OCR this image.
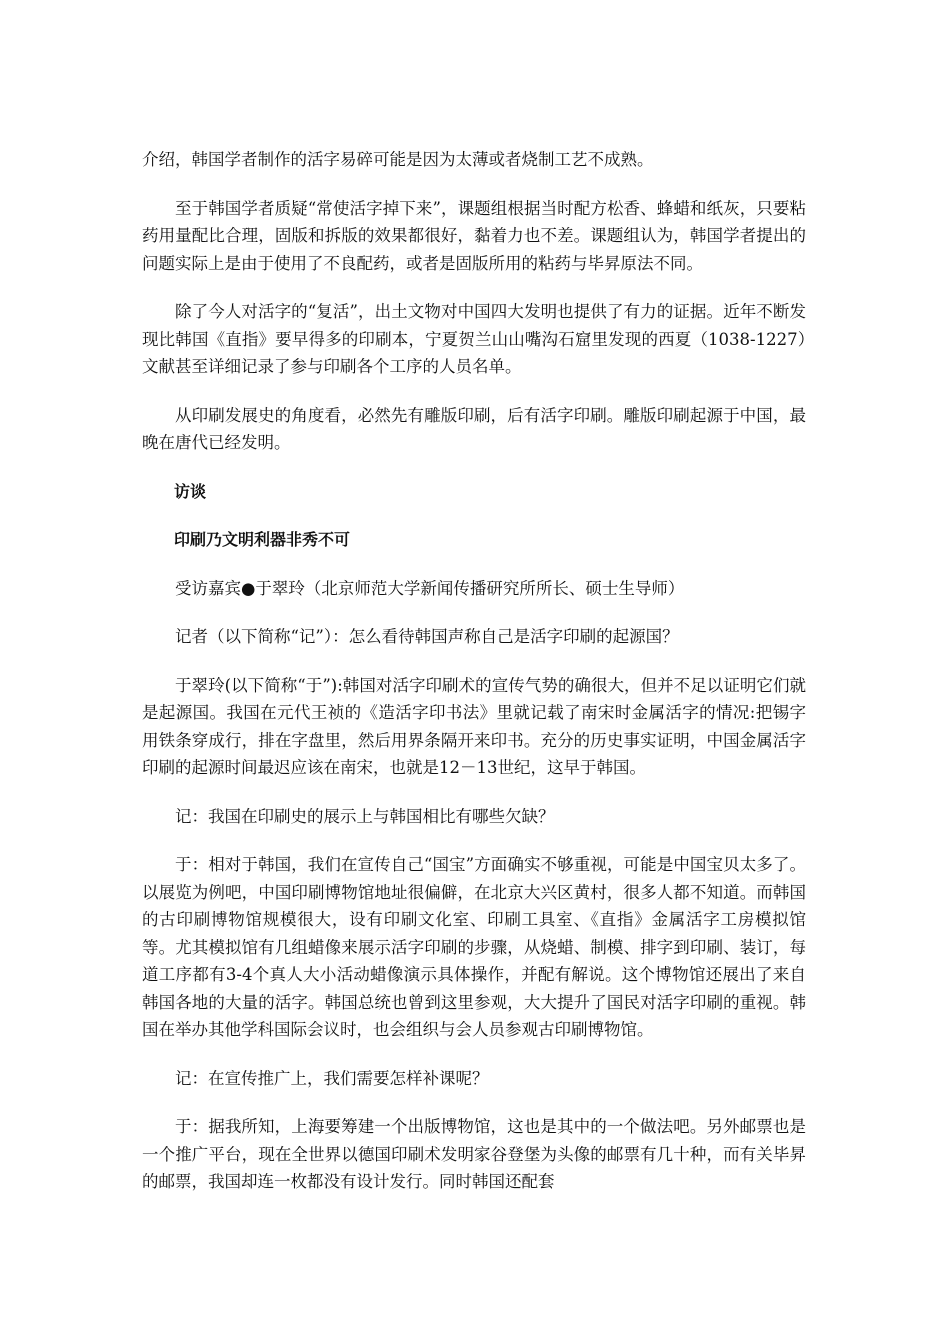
介绍，韩国学者制作的活字易碎可能是因为太薄或者烧制工艺不成熟。

至于韩国学者质疑“常使活字掉下来”，课题组根据当时配方松香、蜂蜡和纸灰，只要粘药用量配比合理，固版和拆版的效果都很好，黏着力也不差。课题组认为，韩国学者提出的问题实际上是由于使用了不良配药，或者是固版所用的粘药与毕昇原法不同。

除了今人对活字的“复活”，出土文物对中国四大发明也提供了有力的证据。近年不断发现比韩国《直指》要早得多的印刷本，宁夏贺兰山山嘴沟石窟里发现的西夏（1038-1227）文献甚至详细记录了参与印刷各个工序的人员名单。

从印刷发展史的角度看，必然先有雕版印刷，后有活字印刷。雕版印刷起源于中国，最晚在唐代已经发明。

访谈

印刷乃文明利器非秀不可

受访嘉宾●于翠玲（北京师范大学新闻传播研究所所长、硕士生导师）

记者（以下简称“记”）：怎么看待韩国声称自己是活字印刷的起源国？

于翠玲(以下简称“于”):韩国对活字印刷术的宣传气势的确很大，但并不足以证明它们就是起源国。我国在元代王祯的《造活字印书法》里就记载了南宋时金属活字的情况:把锡字用铁条穿成行，排在字盘里，然后用界条隔开来印书。充分的历史事实证明，中国金属活字印刷的起源时间最迟应该在南宋，也就是12－13世纪，这早于韩国。

记：我国在印刷史的展示上与韩国相比有哪些欠缺？

于：相对于韩国，我们在宣传自己“国宝”方面确实不够重视，可能是中国宝贝太多了。以展览为例吧，中国印刷博物馆地址很偏僻，在北京大兴区黄村，很多人都不知道。而韩国的古印刷博物馆规模很大，设有印刷文化室、印刷工具室、《直指》金属活字工房模拟馆等。尤其模拟馆有几组蜡像来展示活字印刷的步骤，从烧蜡、制模、排字到印刷、装订，每道工序都有3-4个真人大小活动蜡像演示具体操作，并配有解说。这个博物馆还展出了来自韩国各地的大量的活字。韩国总统也曾到这里参观，大大提升了国民对活字印刷的重视。韩国在举办其他学科国际会议时，也会组织与会人员参观古印刷博物馆。

记：在宣传推广上，我们需要怎样补课呢？

于：据我所知，上海要筹建一个出版博物馆，这也是其中的一个做法吧。另外邮票也是一个推广平台，现在全世界以德国印刷术发明家谷登堡为头像的邮票有几十种，而有关毕昇的邮票，我国却连一枚都没有设计发行。同时韩国还配套
